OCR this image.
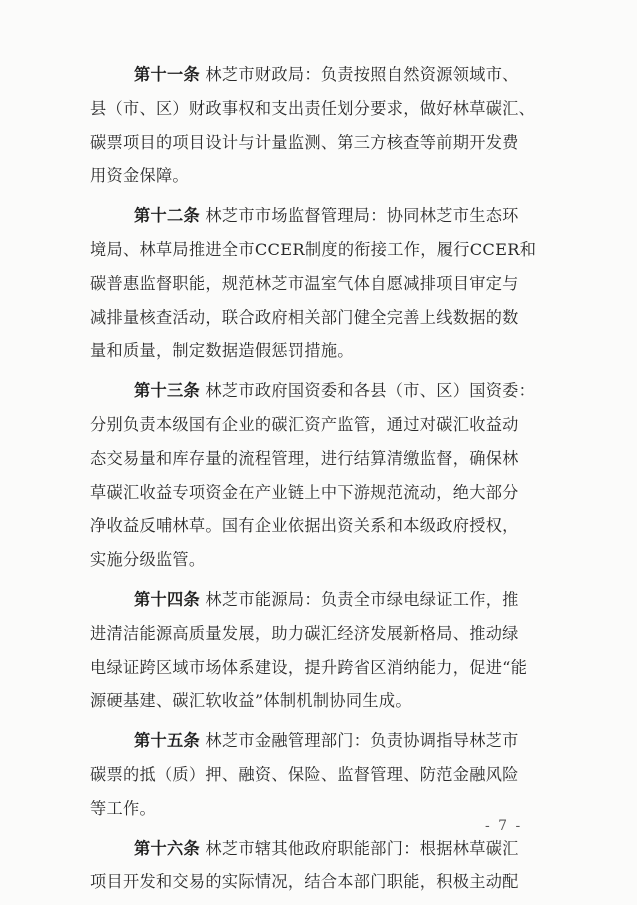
第十一条 林芝市财政局：负责按照自然资源领域市、
县（市、区）财政事权和支出责任划分要求，做好林草碳汇、
碳票项目的项目设计与计量监测、第三方核查等前期开发费
用资金保障。
第十二条 林芝市市场监督管理局：协同林芝市生态环
境局、林草局推进全市CCER制度的衔接工作，履行CCER和
碳普惠监督职能，规范林芝市温室气体自愿减排项目审定与
减排量核查活动，联合政府相关部门健全完善上线数据的数
量和质量，制定数据造假惩罚措施。
第十三条 林芝市政府国资委和各县（市、区）国资委：
分别负责本级国有企业的碳汇资产监管，通过对碳汇收益动
态交易量和库存量的流程管理，进行结算清缴监督，确保林
草碳汇收益专项资金在产业链上中下游规范流动，绝大部分
净收益反哺林草。国有企业依据出资关系和本级政府授权，
实施分级监管。
第十四条 林芝市能源局：负责全市绿电绿证工作，推
进清洁能源高质量发展，助力碳汇经济发展新格局、推动绿
电绿证跨区域市场体系建设，提升跨省区消纳能力，促进“能
源硬基建、碳汇软收益”体制机制协同生成。
第十五条 林芝市金融管理部门：负责协调指导林芝市
碳票的抵（质）押、融资、保险、监督管理、防范金融风险
等工作。
第十六条 林芝市辖其他政府职能部门：根据林草碳汇
项目开发和交易的实际情况，结合本部门职能，积极主动配
- 7 -
